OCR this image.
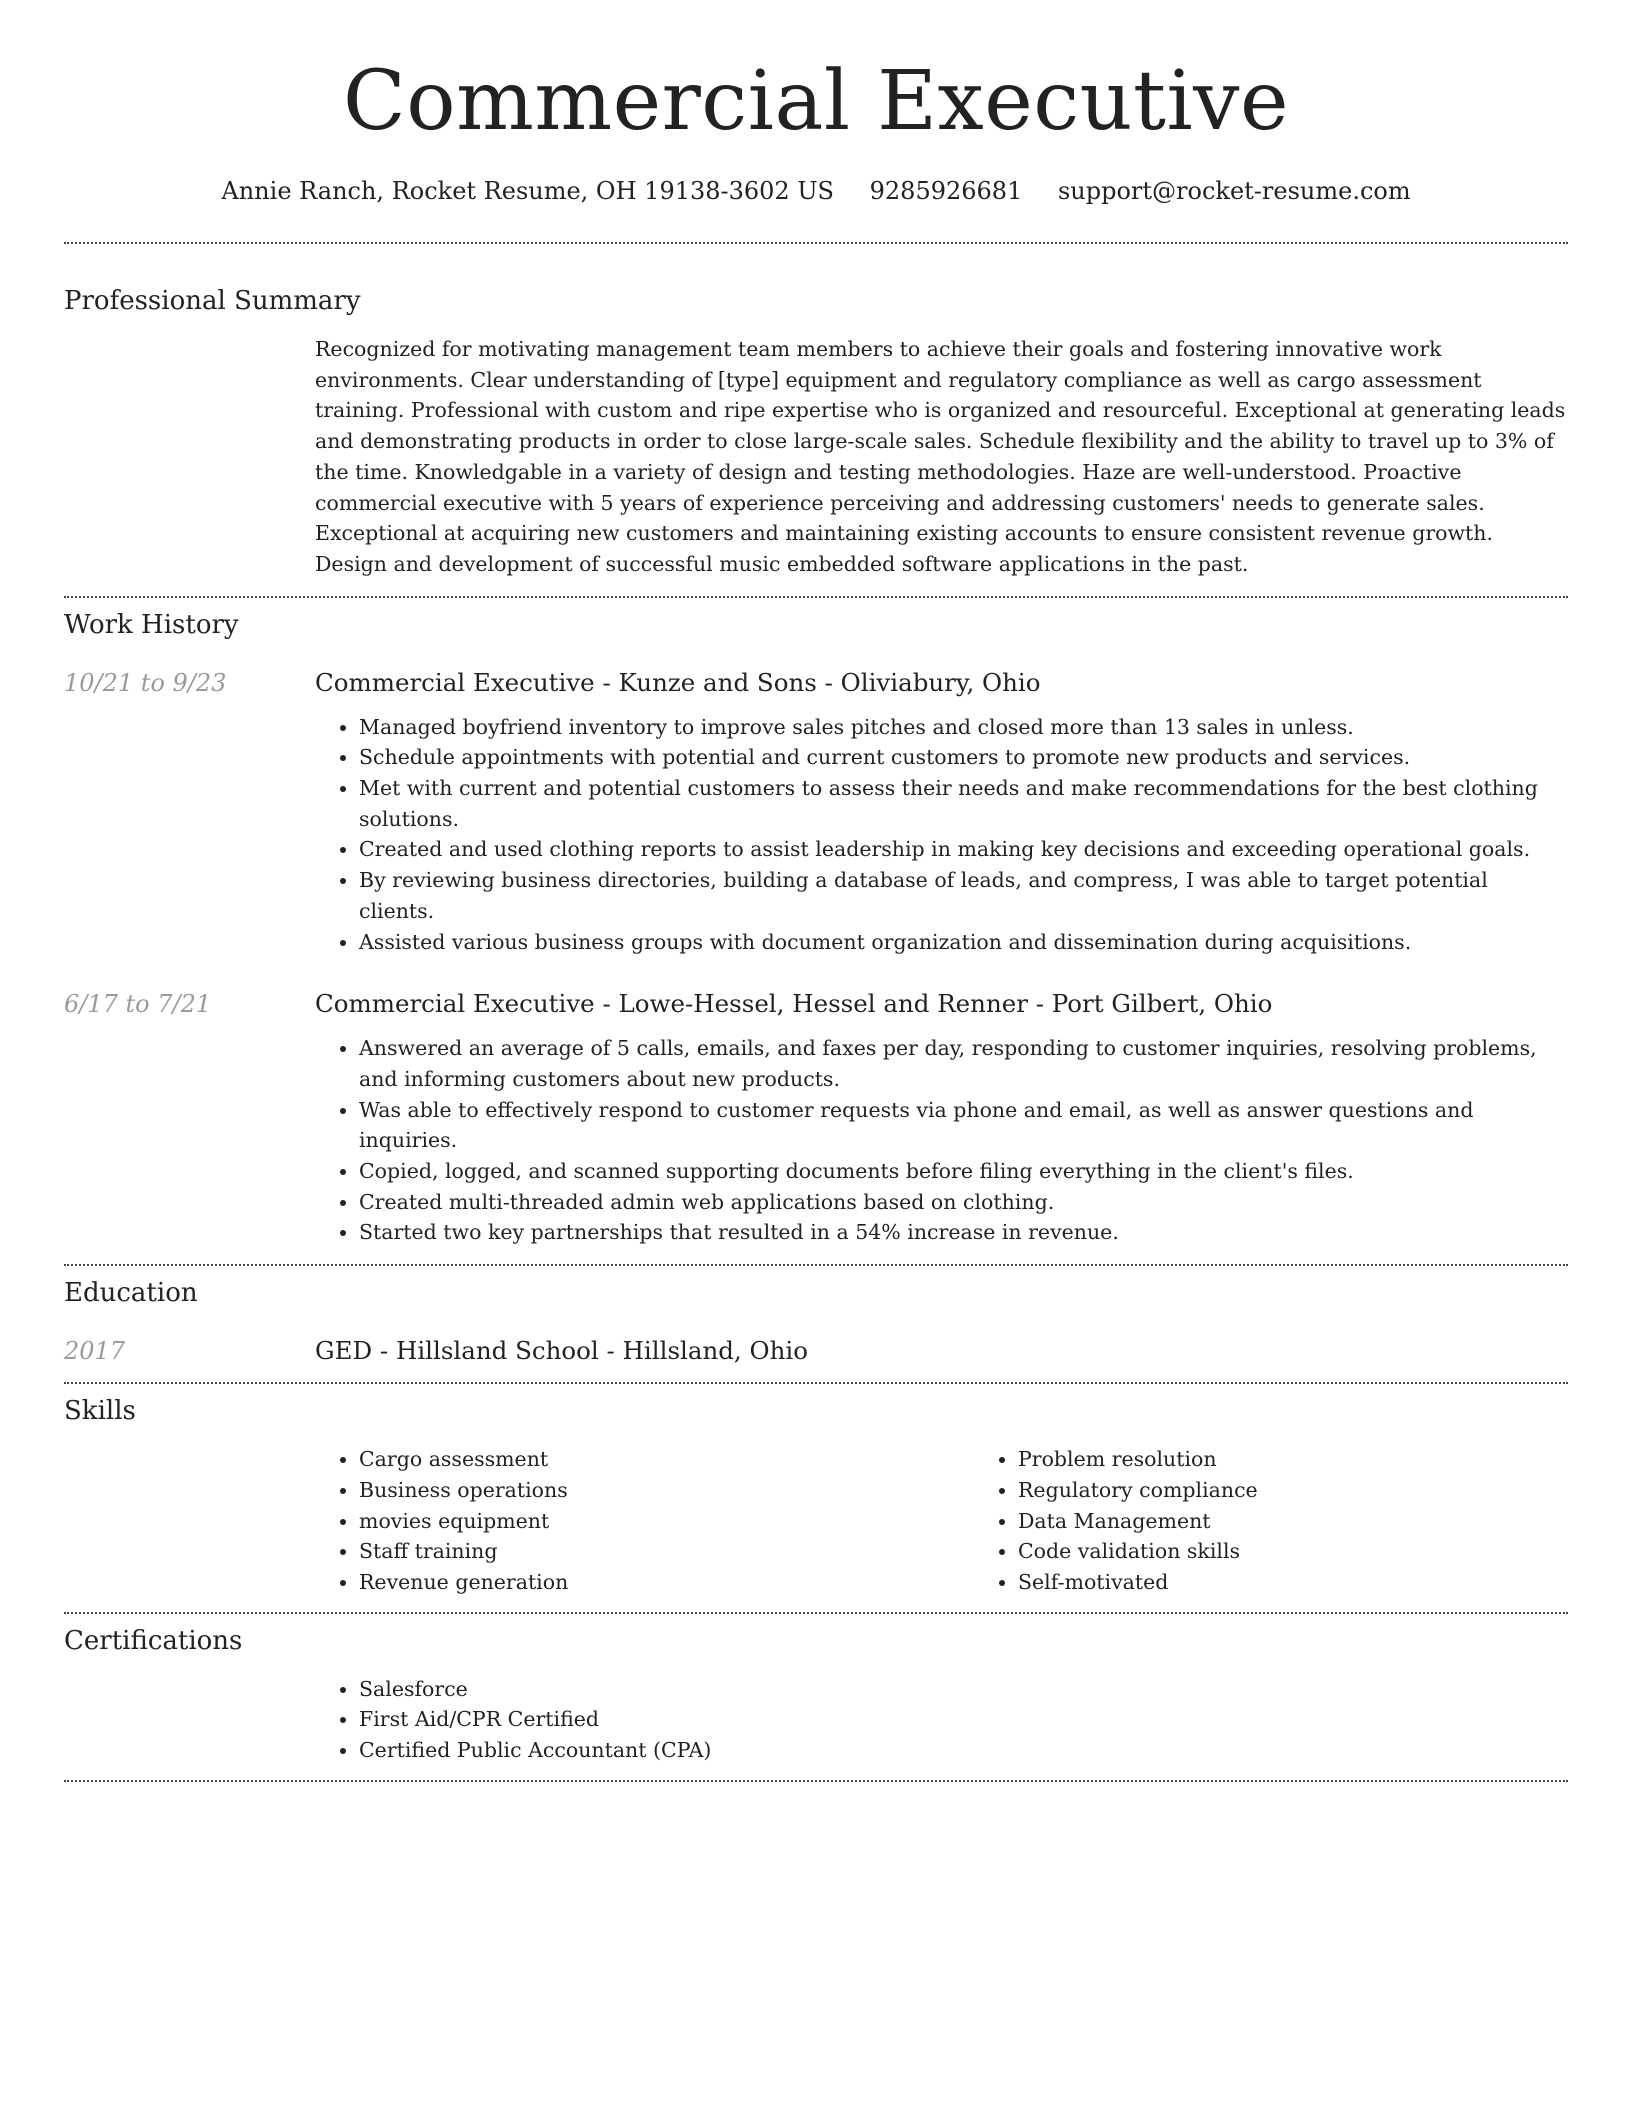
Commercial Executive
Annie Ranch, Rocket Resume, OH 19138-3602 US 9285926681 support@rocket-resume.com
Professional Summary

Recognized for motivating management team members to achieve their goals and fostering innovative work environments. Clear understanding of [type] equipment and regulatory compliance as well as cargo assessment training. Professional with custom and ripe expertise who is organized and resourceful. Exceptional at generating leads and demonstrating products in order to close large-scale sales. Schedule flexibility and the ability to travel up to 3% of the time. Knowledgable in a variety of design and testing methodologies. Haze are well-understood. Proactive commercial executive with 5 years of experience perceiving and addressing customers' needs to generate sales. Exceptional at acquiring new customers and maintaining existing accounts to ensure consistent revenue growth. Design and development of successful music embedded software applications in the past.

Work History
10/21 to 9/23	Commercial Executive - Kunze and Sons - Oliviabury, Ohio
• Managed boyfriend inventory to improve sales pitches and closed more than 13 sales in unless.
• Schedule appointments with potential and current customers to promote new products and services.
• Met with current and potential customers to assess their needs and make recommendations for the best clothing solutions.
• Created and used clothing reports to assist leadership in making key decisions and exceeding operational goals.
• By reviewing business directories, building a database of leads, and compress, I was able to target potential clients.
• Assisted various business groups with document organization and dissemination during acquisitions.
6/17 to 7/21	Commercial Executive - Lowe-Hessel, Hessel and Renner - Port Gilbert, Ohio
• Answered an average of 5 calls, emails, and faxes per day, responding to customer inquiries, resolving problems, and informing customers about new products.
• Was able to effectively respond to customer requests via phone and email, as well as answer questions and inquiries.
• Copied, logged, and scanned supporting documents before filing everything in the client's files.
• Created multi-threaded admin web applications based on clothing.
• Started two key partnerships that resulted in a 54% increase in revenue.
Education
2017	GED - Hillsland School - Hillsland, Ohio
Skills
• Cargo assessment
• Business operations
• movies equipment
• Staff training
• Revenue generation
• Problem resolution
• Regulatory compliance
• Data Management
• Code validation skills
• Self-motivated
Certifications
• Salesforce
• First Aid/CPR Certified
• Certified Public Accountant (CPA)
